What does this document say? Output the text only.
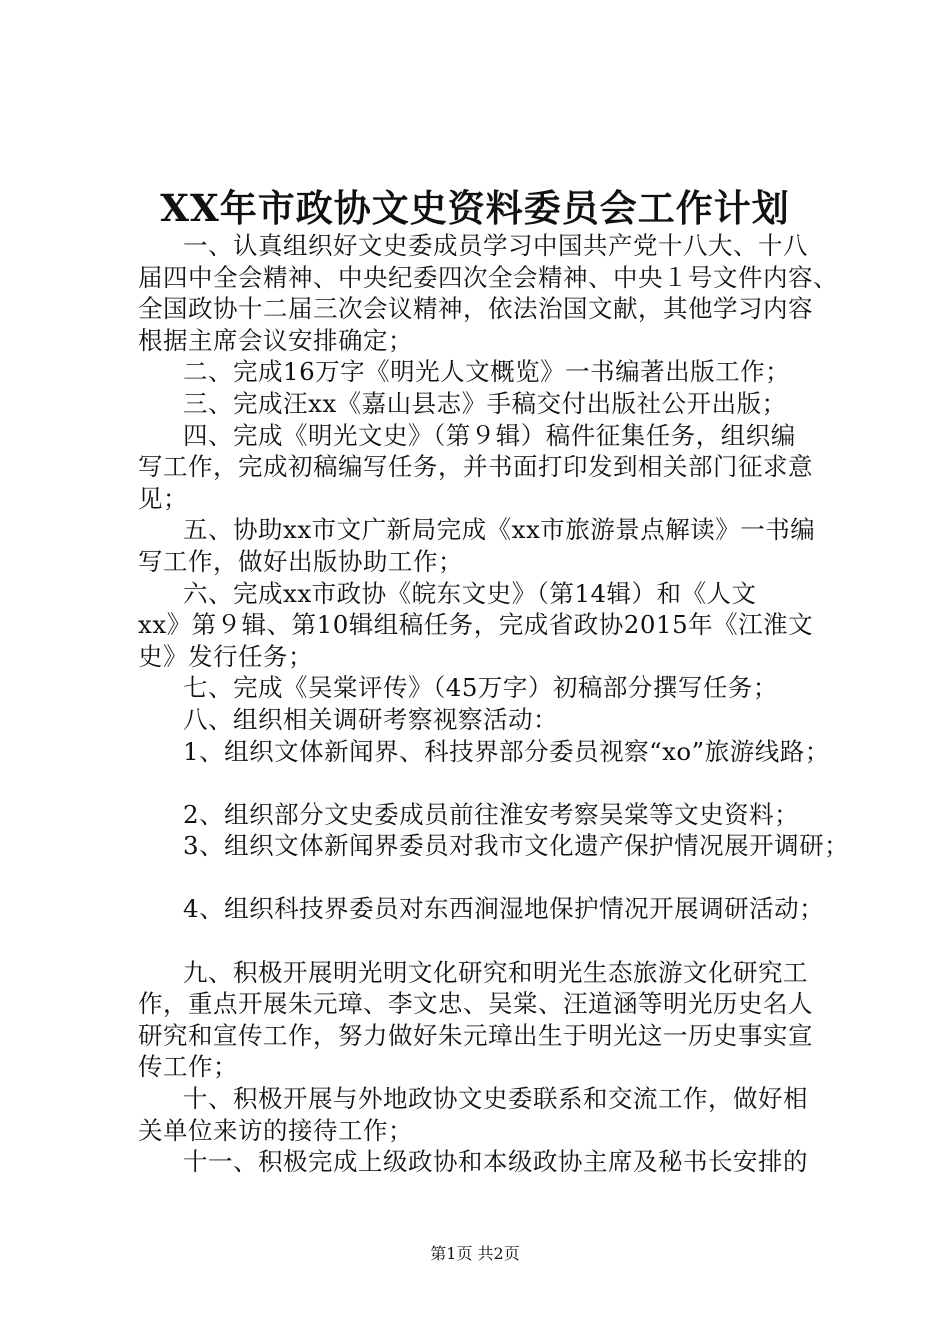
XX年市政协文史资料委员会工作计划
一、认真组织好文史委成员学习中国共产党十八大、十八
届四中全会精神、中央纪委四次全会精神、中央１号文件内容、
全国政协十二届三次会议精神，依法治国文献，其他学习内容
根据主席会议安排确定；
二、完成16万字《明光人文概览》一书编著出版工作；
三、完成汪xx《嘉山县志》手稿交付出版社公开出版；
四、完成《明光文史》（第９辑）稿件征集任务，组织编
写工作，完成初稿编写任务，并书面打印发到相关部门征求意
见；
五、协助xx市文广新局完成《xx市旅游景点解读》一书编
写工作，做好出版协助工作；
六、完成xx市政协《皖东文史》（第14辑）和《人文
xx》第９辑、第10辑组稿任务，完成省政协2015年《江淮文
史》发行任务；
七、完成《吴棠评传》（45万字）初稿部分撰写任务；
八、组织相关调研考察视察活动：
1、组织文体新闻界、科技界部分委员视察“xo”旅游线路；
2、组织部分文史委成员前往淮安考察吴棠等文史资料；
3、组织文体新闻界委员对我市文化遗产保护情况展开调研；
4、组织科技界委员对东西涧湿地保护情况开展调研活动；
九、积极开展明光明文化研究和明光生态旅游文化研究工
作，重点开展朱元璋、李文忠、吴棠、汪道涵等明光历史名人
研究和宣传工作，努力做好朱元璋出生于明光这一历史事实宣
传工作；
十、积极开展与外地政协文史委联系和交流工作，做好相
关单位来访的接待工作；
十一、积极完成上级政协和本级政协主席及秘书长安排的
第1页 共2页
